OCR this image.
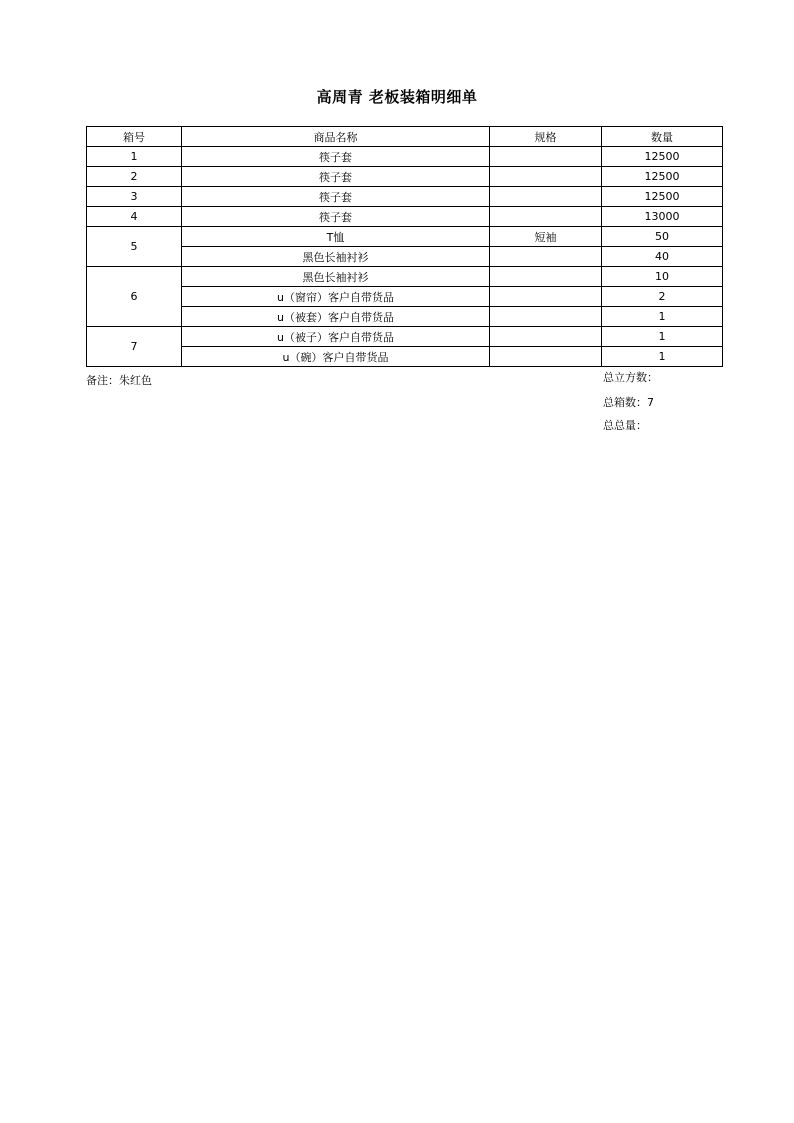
高周青 老板装箱明细单
箱号	商品名称	规格	数量
1	筷子套		12500
2	筷子套		12500
3	筷子套		12500
4	筷子套		13000
5	T恤	短袖	50
	黑色长袖衬衫		40
6	黑色长袖衬衫		10
	u（窗帘）客户自带货品		2
	u（被套）客户自带货品		1
7	u（被子）客户自带货品		1
	u（碗）客户自带货品		1
备注：朱红色	总立方数：
总箱数：7
总总量：
